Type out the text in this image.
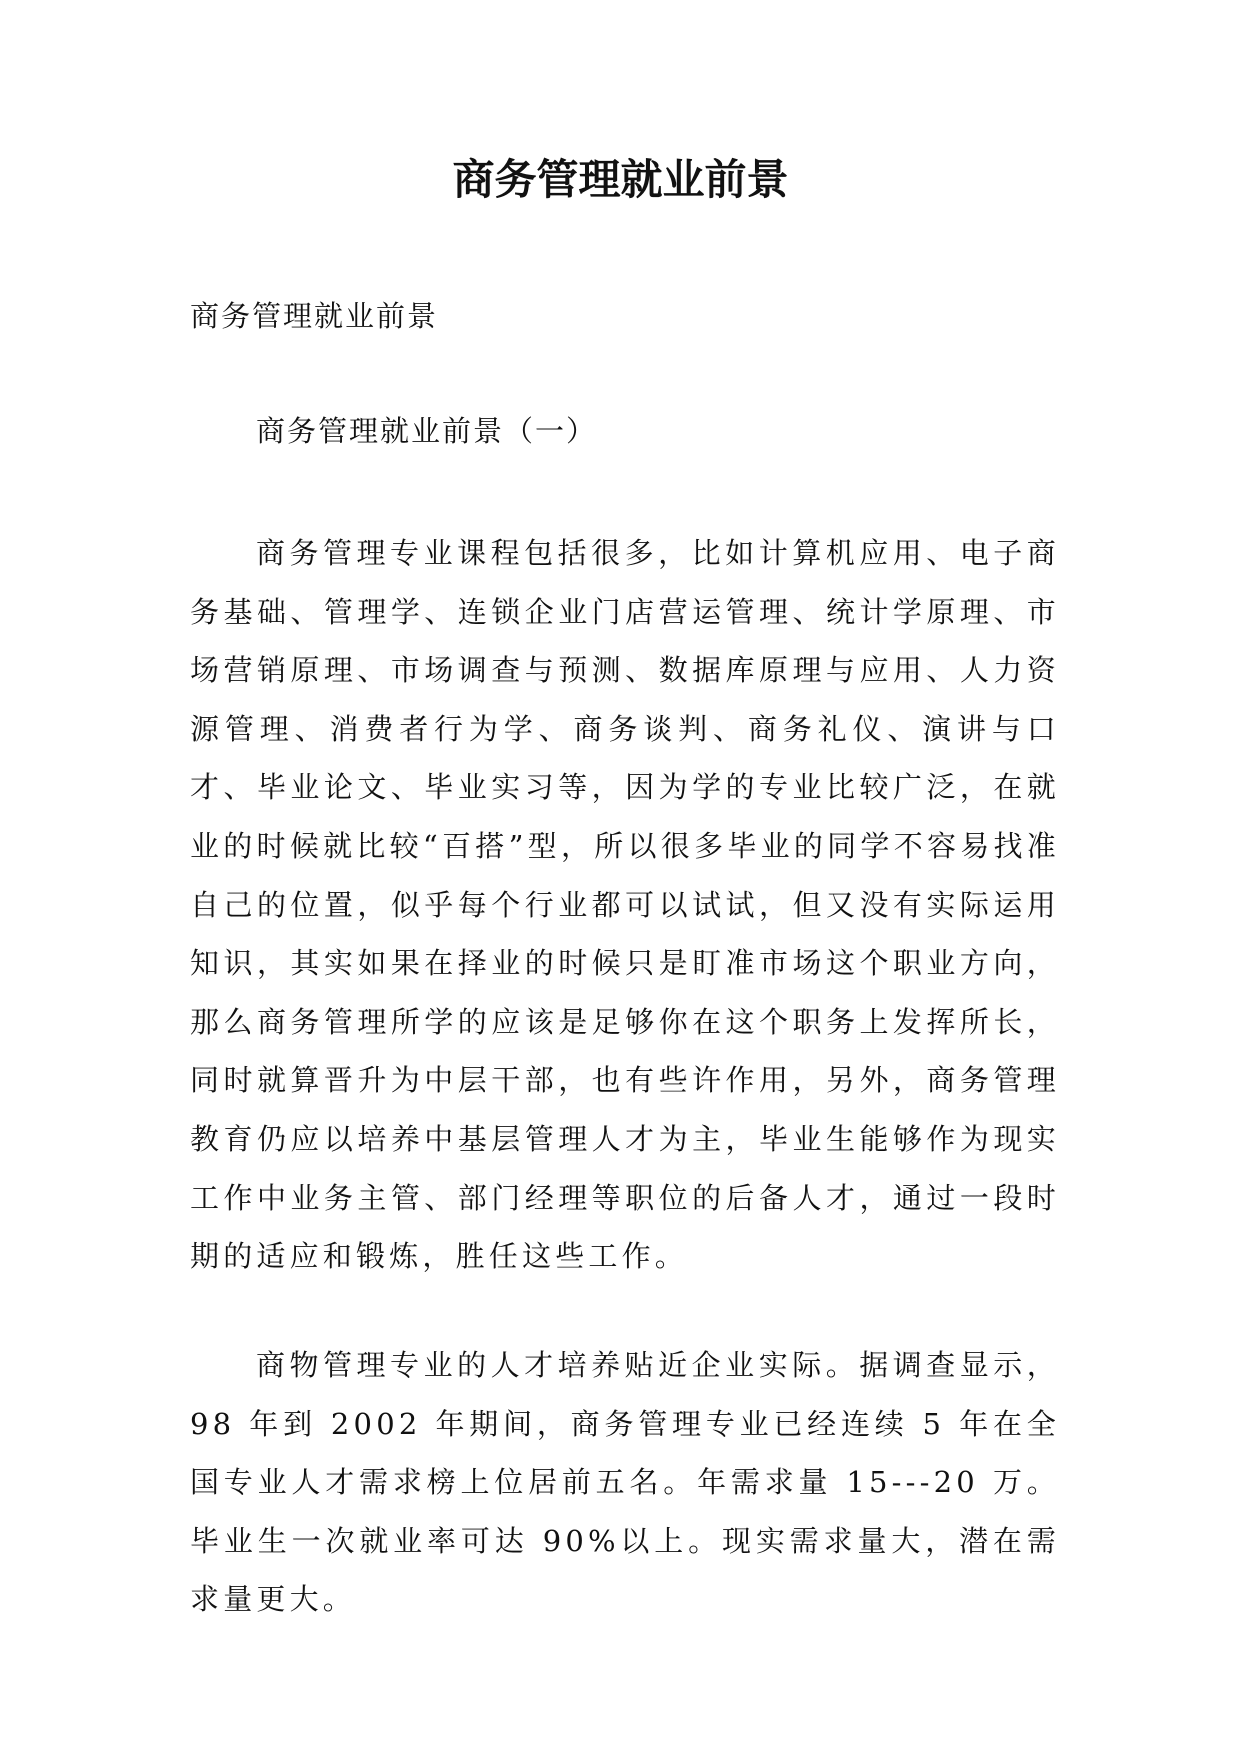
商务管理就业前景

商务管理就业前景

商务管理就业前景（一）

商务管理专业课程包括很多，比如计算机应用、电子商务基础、管理学、连锁企业门店营运管理、统计学原理、市场营销原理、市场调查与预测、数据库原理与应用、人力资源管理、消费者行为学、商务谈判、商务礼仪、演讲与口才、毕业论文、毕业实习等，因为学的专业比较广泛，在就业的时候就比较“百搭”型，所以很多毕业的同学不容易找准自己的位置，似乎每个行业都可以试试，但又没有实际运用知识，其实如果在择业的时候只是盯准市场这个职业方向，那么商务管理所学的应该是足够你在这个职务上发挥所长，同时就算晋升为中层干部，也有些许作用，另外，商务管理教育仍应以培养中基层管理人才为主，毕业生能够作为现实工作中业务主管、部门经理等职位的后备人才，通过一段时期的适应和锻炼，胜任这些工作。

商物管理专业的人才培养贴近企业实际。据调查显示，98 年到 2002 年期间，商务管理专业已经连续 5 年在全国专业人才需求榜上位居前五名。年需求量 15---20 万。毕业生一次就业率可达 90%以上。现实需求量大，潜在需求量更大。
